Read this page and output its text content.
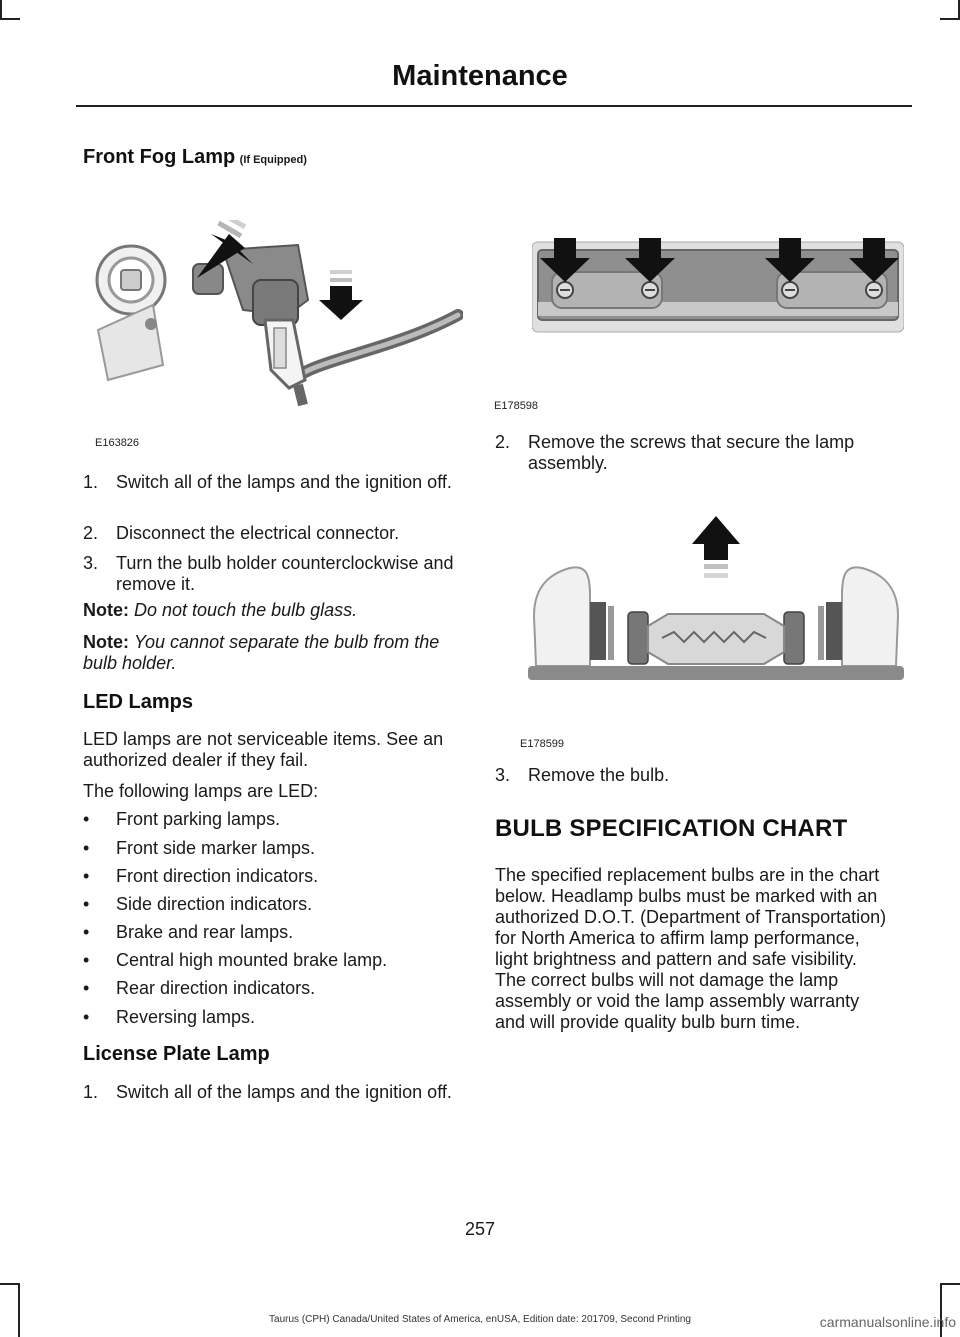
Maintenance
Front Fog Lamp (If Equipped)
E163826
1. Switch all of the lamps and the ignition off.
2. Disconnect the electrical connector.
3. Turn the bulb holder counterclockwise and remove it.
Note: Do not touch the bulb glass.
Note: You cannot separate the bulb from the bulb holder.
LED Lamps
LED lamps are not serviceable items. See an authorized dealer if they fail.
The following lamps are LED:
• Front parking lamps.
• Front side marker lamps.
• Front direction indicators.
• Side direction indicators.
• Brake and rear lamps.
• Central high mounted brake lamp.
• Rear direction indicators.
• Reversing lamps.
License Plate Lamp
1. Switch all of the lamps and the ignition off.
E178598
2. Remove the screws that secure the lamp assembly.
E178599
3. Remove the bulb.
BULB SPECIFICATION CHART
The specified replacement bulbs are in the chart below. Headlamp bulbs must be marked with an authorized D.O.T. (Department of Transportation) for North America to affirm lamp performance, light brightness and pattern and safe visibility. The correct bulbs will not damage the lamp assembly or void the lamp assembly warranty and will provide quality bulb burn time.
257
Taurus (CPH) Canada/United States of America, enUSA, Edition date: 201709, Second Printing	carmanualsonline.info
